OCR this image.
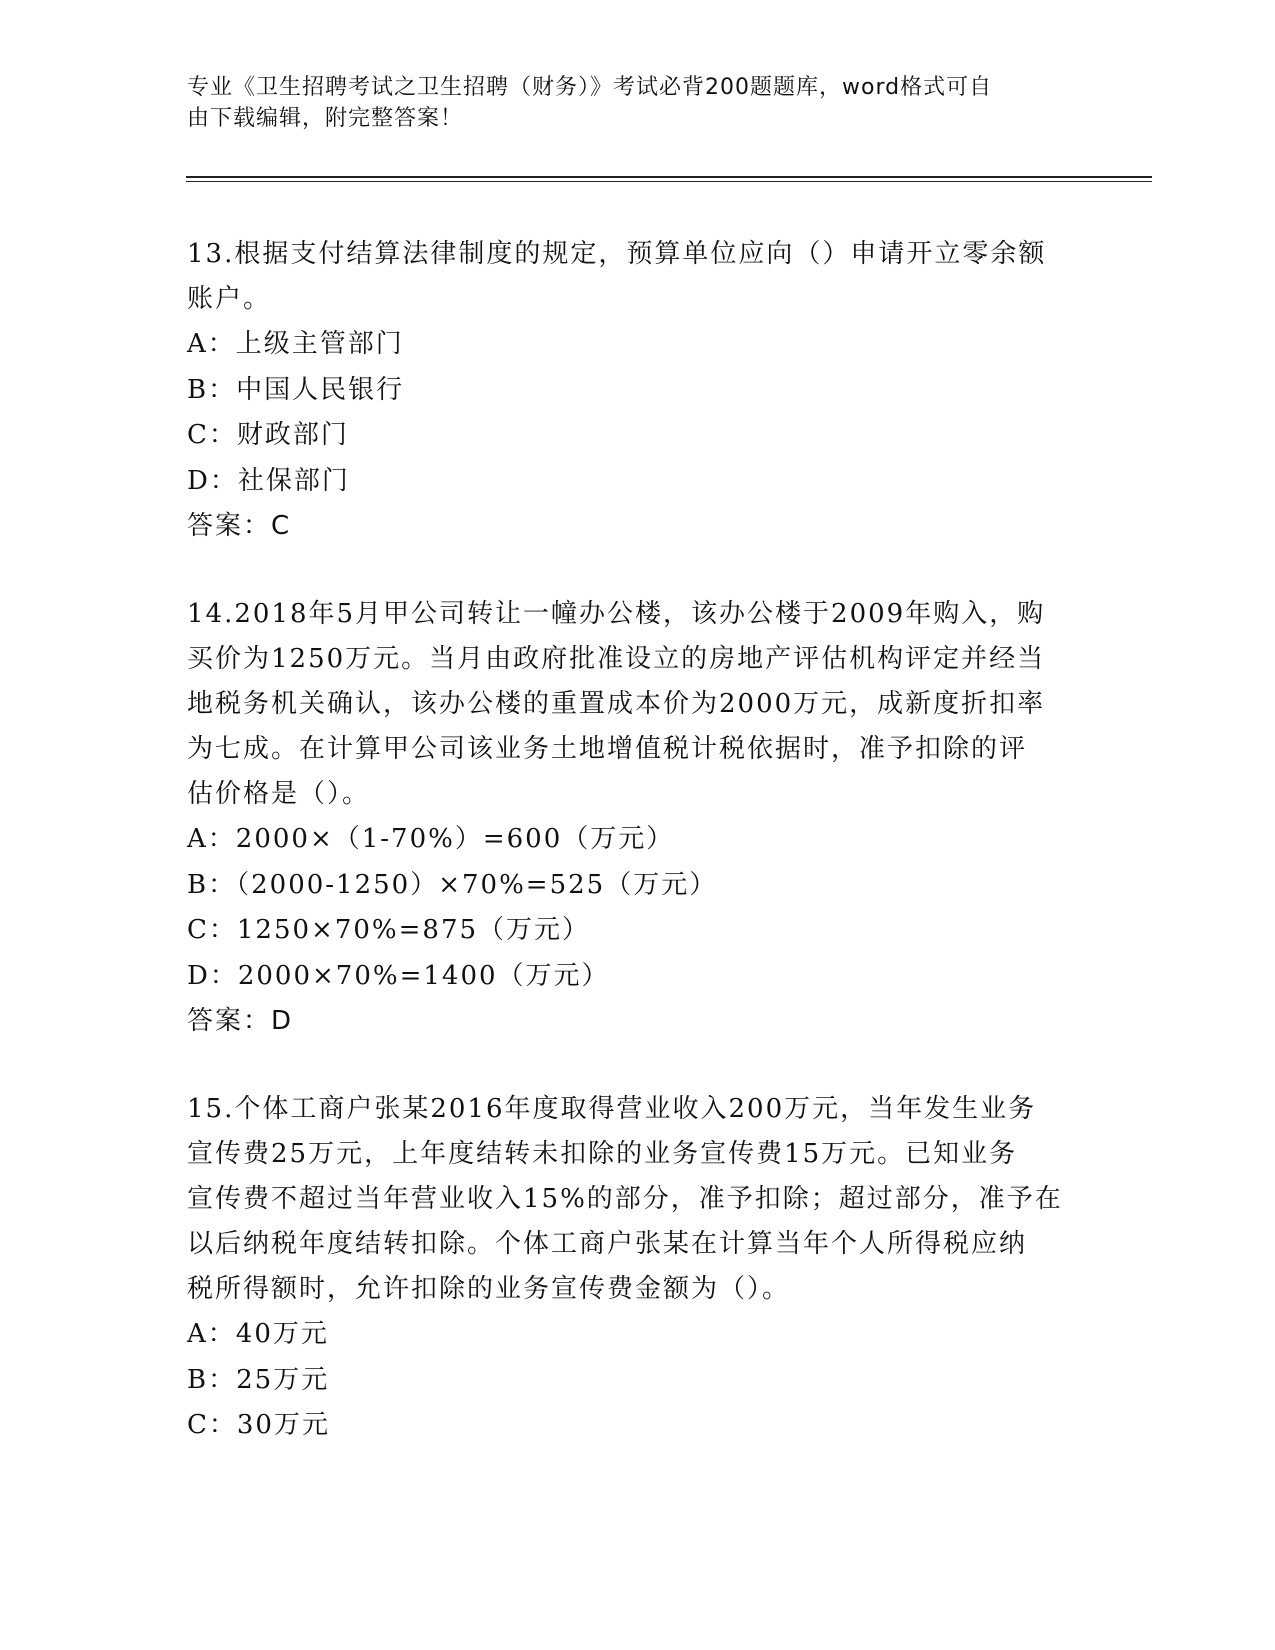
专业《卫生招聘考试之卫生招聘（财务）》考试必背200题题库，word格式可自
由下载编辑，附完整答案！

13.根据支付结算法律制度的规定，预算单位应向（）申请开立零余额

账户。

A：上级主管部门

B：中国人民银行

C：财政部门

D：社保部门

答案：C

14.2018年5月甲公司转让一幢办公楼，该办公楼于2009年购入，购

买价为1250万元。当月由政府批准设立的房地产评估机构评定并经当

地税务机关确认，该办公楼的重置成本价为2000万元，成新度折扣率

为七成。在计算甲公司该业务土地增值税计税依据时，准予扣除的评

估价格是（）。

A：2000×（1-70%）=600（万元）

B：（2000-1250）×70%=525（万元）

C：1250×70%=875（万元）

D：2000×70%=1400（万元）

答案：D

15.个体工商户张某2016年度取得营业收入200万元，当年发生业务

宣传费25万元，上年度结转未扣除的业务宣传费15万元。已知业务

宣传费不超过当年营业收入15%的部分，准予扣除；超过部分，准予在

以后纳税年度结转扣除。个体工商户张某在计算当年个人所得税应纳

税所得额时，允许扣除的业务宣传费金额为（）。

A：40万元

B：25万元

C：30万元
